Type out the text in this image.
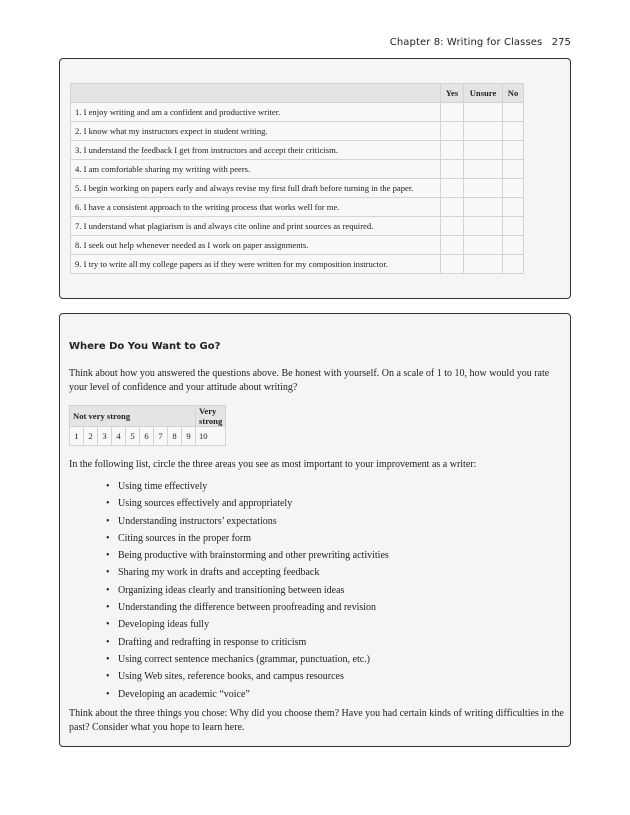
Chapter 8: Writing for Classes 275
	Yes	Unsure	No
1. I enjoy writing and am a confident and productive writer.			
2. I know what my instructors expect in student writing.			
3. I understand the feedback I get from instructors and accept their criticism.			
4. I am comfortable sharing my writing with peers.			
5. I begin working on papers early and always revise my first full draft before turning in the paper.			
6. I have a consistent approach to the writing process that works well for me.			
7. I understand what plagiarism is and always cite online and print sources as required.			
8. I seek out help whenever needed as I work on paper assignments.			
9. I try to write all my college papers as if they were written for my composition instructor.			
Where Do You Want to Go?

Think about how you answered the questions above. Be honest with yourself. On a scale of 1 to 10, how would you rate your level of confidence and your attitude about writing?

Not very strong									Very strong
1	2	3	4	5	6	7	8	9	10

In the following list, circle the three areas you see as most important to your improvement as a writer:

• Using time effectively
• Using sources effectively and appropriately
• Understanding instructors’ expectations
• Citing sources in the proper form
• Being productive with brainstorming and other prewriting activities
• Sharing my work in drafts and accepting feedback
• Organizing ideas clearly and transitioning between ideas
• Understanding the difference between proofreading and revision
• Developing ideas fully
• Drafting and redrafting in response to criticism
• Using correct sentence mechanics (grammar, punctuation, etc.)
• Using Web sites, reference books, and campus resources
• Developing an academic “voice”

Think about the three things you chose: Why did you choose them? Have you had certain kinds of writing difficulties in the past? Consider what you hope to learn here.
